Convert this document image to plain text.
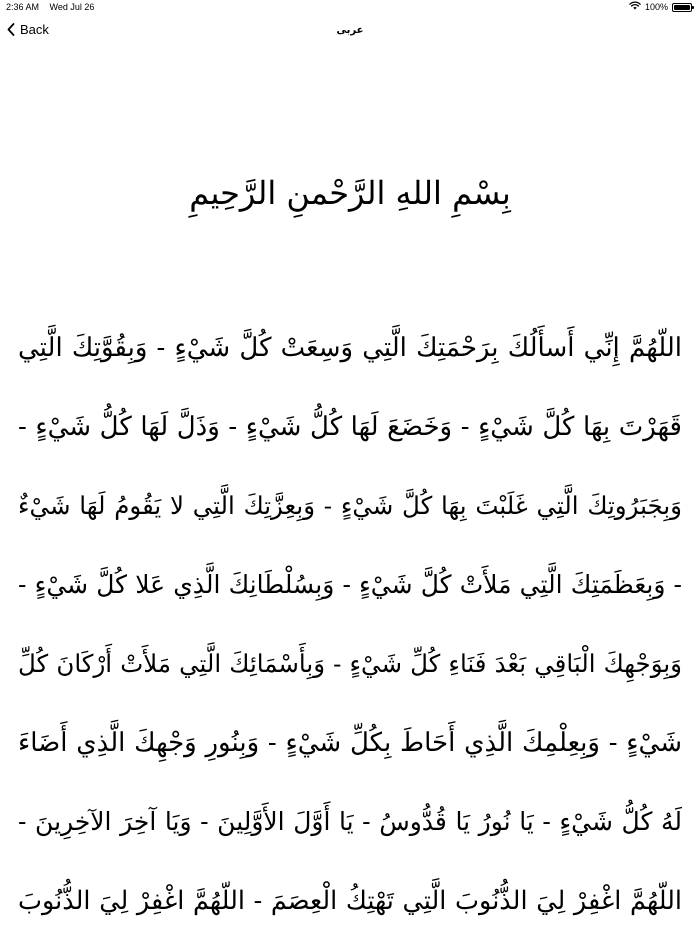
2:36 AM Wed Jul 26	100%
Back	عربی
بِسْمِ اللهِ الرَّحْمنِ الرَّحِيمِ
اللّهُمَّ إِنِّي أَسأَلُكَ بِرَحْمَتِكَ الَّتِي وَسِعَتْ كُلَّ شَيْءٍ - وَبِقُوَّتِكَ الَّتِي
قَهَرْتَ بِهَا كُلَّ شَيْءٍ - وَخَضَعَ لَهَا كُلُّ شَيْءٍ - وَذَلَّ لَهَا كُلُّ شَيْءٍ -
وَبِجَبَرُوتِكَ الَّتِي غَلَبْتَ بِهَا كُلَّ شَيْءٍ - وَبِعِزَّتِكَ الَّتِي لا يَقُومُ لَهَا شَيْءٌ
- وَبِعَظَمَتِكَ الَّتِي مَلأَتْ كُلَّ شَيْءٍ - وَبِسُلْطَانِكَ الَّذِي عَلا كُلَّ شَيْءٍ -
وَبِوَجْهِكَ الْبَاقِي بَعْدَ فَنَاءِ كُلِّ شَيْءٍ - وَبِأَسْمَائِكَ الَّتِي مَلأَتْ أَرْكَانَ كُلِّ
شَيْءٍ - وَبِعِلْمِكَ الَّذِي أَحَاطَ بِكُلِّ شَيْءٍ - وَبِنُورِ وَجْهِكَ الَّذِي أَضَاءَ
لَهُ كُلُّ شَيْءٍ - يَا نُورُ يَا قُدُّوسُ - يَا أَوَّلَ الأَوَّلِينَ - وَيَا آخِرَ الآخِرِينَ -
اللّهُمَّ اغْفِرْ لِيَ الذُّنُوبَ الَّتِي تَهْتِكُ الْعِصَمَ - اللّهُمَّ اغْفِرْ لِيَ الذُّنُوبَ
